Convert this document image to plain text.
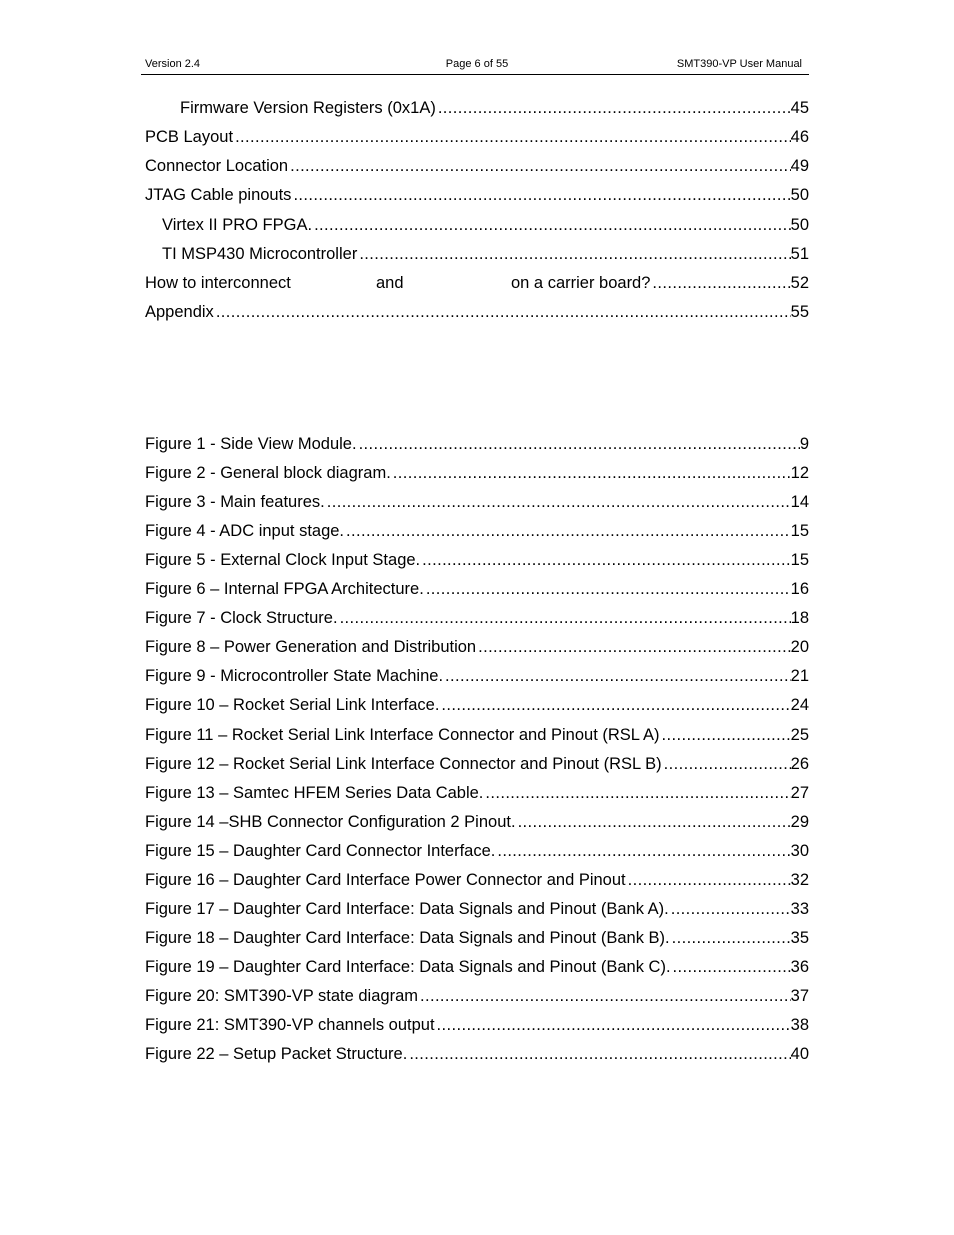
Version 2.4	Page 6 of 55	SMT390-VP User Manual
Firmware Version Registers (0x1A) .....	45
PCB Layout .....	46
Connector Location .....	49
JTAG Cable pinouts .....	50
Virtex II PRO FPGA. .....	50
TI MSP430 Microcontroller .....	51
How to interconnect	and	on a carrier board? .....	52
Appendix .....	55
Figure 1 - Side View Module. .....	9
Figure 2 - General block diagram. .....	12
Figure 3 - Main features. .....	14
Figure 4 - ADC input stage. .....	15
Figure 5 - External Clock Input Stage. .....	15
Figure 6 – Internal FPGA Architecture. .....	16
Figure 7 - Clock Structure. .....	18
Figure 8 – Power Generation and Distribution .....	20
Figure 9 - Microcontroller State Machine. .....	21
Figure 10 – Rocket Serial Link Interface. .....	24
Figure 11 – Rocket Serial Link Interface Connector and Pinout (RSL A) .....	25
Figure 12 – Rocket Serial Link Interface Connector and Pinout (RSL B) .....	26
Figure 13 – Samtec HFEM Series Data Cable. .....	27
Figure 14 –SHB Connector Configuration 2 Pinout. .....	29
Figure 15 – Daughter Card Connector Interface. .....	30
Figure 16 – Daughter Card Interface Power Connector and Pinout .....	32
Figure 17 – Daughter Card Interface: Data Signals and Pinout (Bank A). .....	33
Figure 18 – Daughter Card Interface: Data Signals and Pinout (Bank B). .....	35
Figure 19 – Daughter Card Interface: Data Signals and Pinout (Bank C). .....	36
Figure 20: SMT390-VP state diagram .....	37
Figure 21: SMT390-VP channels output .....	38
Figure 22 – Setup Packet Structure. .....	40
